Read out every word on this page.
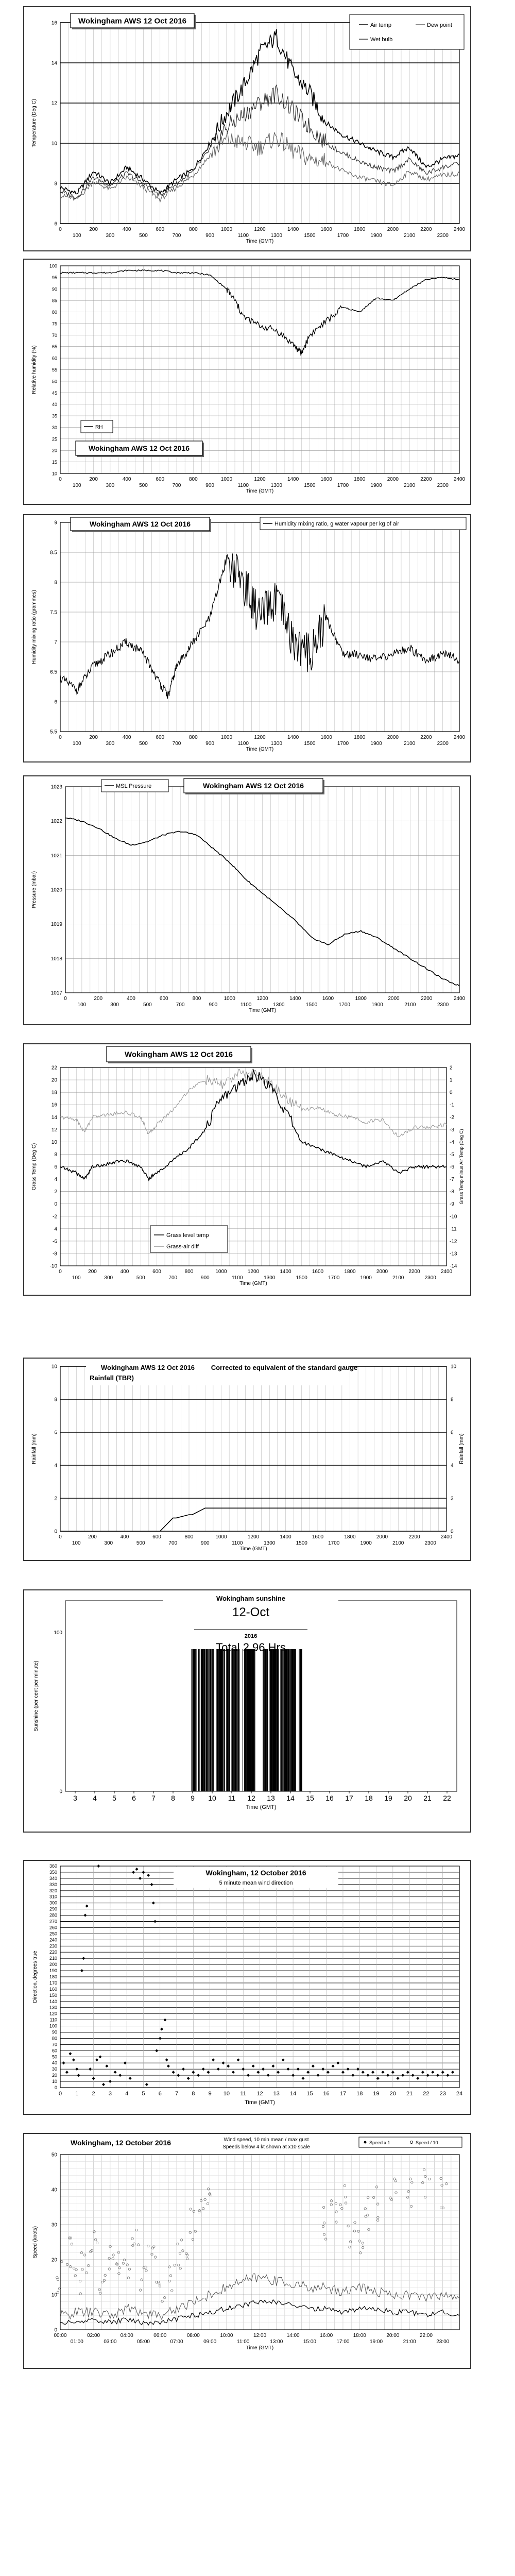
6
8
10
12
14
16
0	200	400	600	800	1000	1200	1400	1600	1800	2000	2200	2400
100	300	500	700	900	1100	1300	1500	1700	1900	2100	2300
Time (GMT)
Temperature (Deg C)
Wokingham AWS 12 Oct 2016	Air temp	Dew point
Wet bulb
10
15
20
25
30
35
40
45
50
55
60
65
70
75
80
85
90
95
100
0	200	400	600	800	1000	1200	1400	1600	1800	2000	2200	2400
100	300	500	700	900	1100	1300	1500	1700	1900	2100	2300
Time (GMT)
Relative humidity (%)
RH
Wokingham AWS 12 Oct 2016
5.5
6
6.5
7
7.5
8
8.5
9
0	200	400	600	800	1000	1200	1400	1600	1800	2000	2200	2400
100	300	500	700	900	1100	1300	1500	1700	1900	2100	2300
Time (GMT)
Humidity mixing ratio (grammes)
Wokingham AWS 12 Oct 2016	Humidity mixing ratio, g water vapour per kg of air
1017
1018
1019
1020
1021
1022
1023
0	200	400	600	800	1000	1200	1400	1600	1800	2000	2200	2400
100	300	500	700	900	1100	1300	1500	1700	1900	2100	2300
Time (GMT)
Pressure (mbar)
MSL Pressure	Wokingham AWS 12 Oct 2016
-10
-8
-6
-4
-2
0
2
4
6
8
10
12
14
16
18
20
22
0	200	400	600	800	1000	1200	1400	1600	1800	2000	2200	2400
100	300	500	700	900	1100	1300	1500	1700	1900	2100	2300
Time (GMT)
Grass Temp (Deg C)
-14
-13
-12
-11
-10
-9
-8
-7
-6
-5
-4
-3
-2
-1
0
1
2
Grass Temp minus Air Temp (Deg C)
Wokingham AWS 12 Oct 2016
Grass level temp
Grass-air diff
0
2
4
6
8
10
0	200	400	600	800	1000	1200	1400	1600	1800	2000	2200	2400
100	300	500	700	900	1100	1300	1500	1700	1900	2100	2300
Time (GMT)
Rainfall (mm)
0
2
4
6
8
10
Rainfall (mm)
Wokingham AWS 12 Oct 2016
Rainfall (TBR)
Corrected to equivalent of the standard gauge
0
100
3 4 5 6 7 8 9 10 11 12 13 14 15 16 17 18 19 20 21 22
Time (GMT)
Sunshine (per cent per minute)
Wokingham sunshine
12-Oct
2016
Total 2.96 Hrs
0
10
20
30
40
50
60
70
80
90
100
110
120
130
140
150
160
170
180
190
200
210
220
230
240
250
260
270
280
290
300
310
320
330
340
350
360
0 1 2 3 4 5 6 7 8 9 10 11 12 13 14 15 16 17 18 19 20 21 22 23 24
Time (GMT)
Direction, degrees true
Wokingham, 12 October 2016
5 minute mean wind direction
0
10
20
30
40
50
00:00	02:00	04:00	06:00	08:00	10:00	12:00	14:00	16:00	18:00	20:00	22:00
01:00	03:00	05:00	07:00	09:00	11:00	13:00	15:00	17:00	19:00	21:00	23:00
Time (GMT)
Speed (knots)
Wokingham, 12 October 2016	Wind speed, 10 min mean / max gust
Speeds below 4 kt shown at x10 scale
Speed x 1	Speed / 10
